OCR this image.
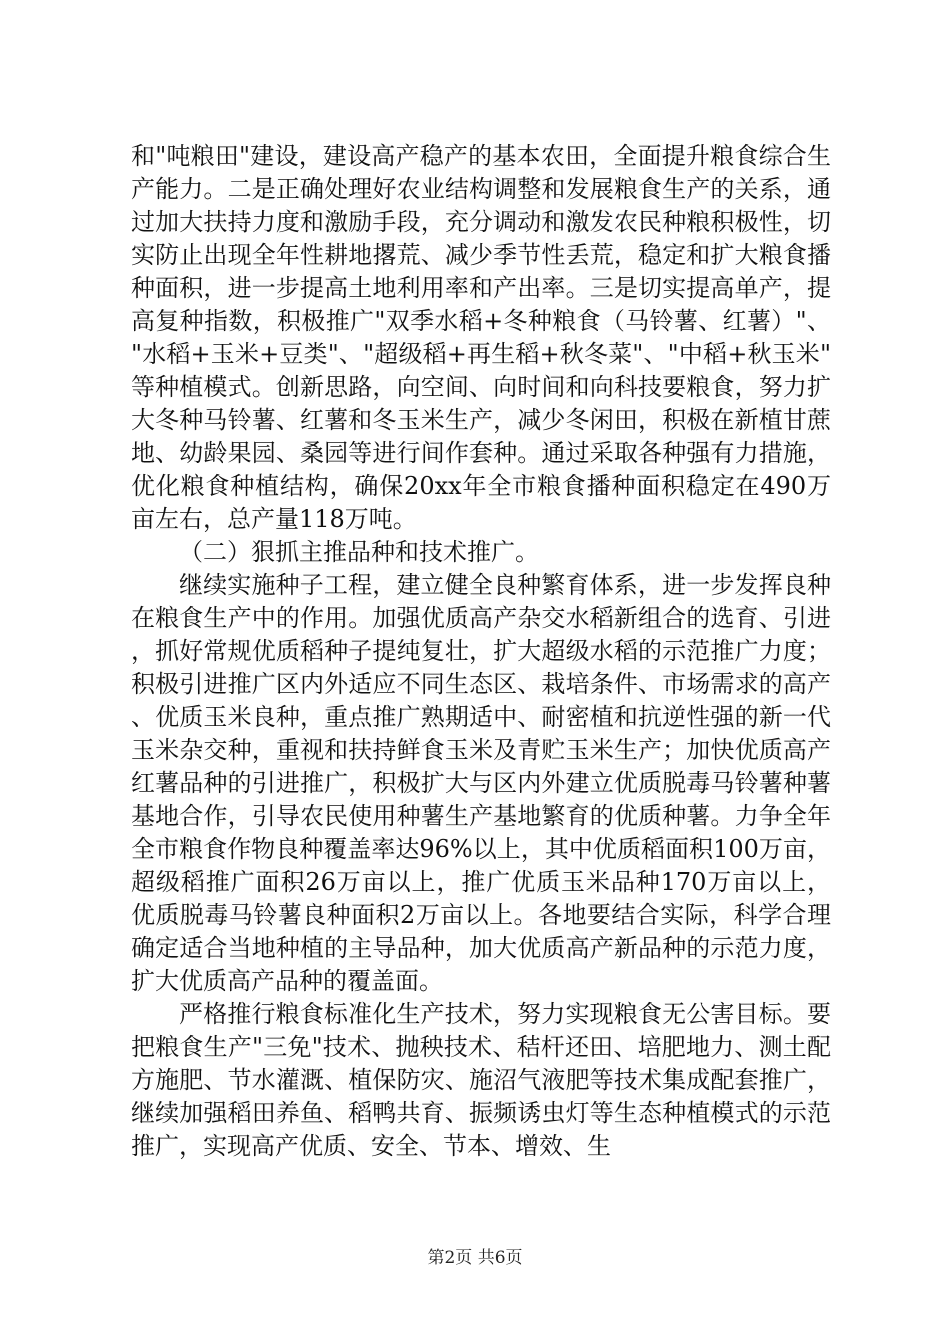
和"吨粮田"建设，建设高产稳产的基本农田，全面提升粮食综合生产能力。二是正确处理好农业结构调整和发展粮食生产的关系，通过加大扶持力度和激励手段，充分调动和激发农民种粮积极性，切实防止出现全年性耕地撂荒、减少季节性丢荒，稳定和扩大粮食播种面积，进一步提高土地利用率和产出率。三是切实提高单产，提高复种指数，积极推广"双季水稻+冬种粮食（马铃薯、红薯）"、"水稻+玉米+豆类"、"超级稻+再生稻+秋冬菜"、"中稻+秋玉米"等种植模式。创新思路，向空间、向时间和向科技要粮食，努力扩大冬种马铃薯、红薯和冬玉米生产，减少冬闲田，积极在新植甘蔗地、幼龄果园、桑园等进行间作套种。通过采取各种强有力措施，优化粮食种植结构，确保20xx年全市粮食播种面积稳定在490万亩左右，总产量118万吨。

（二）狠抓主推品种和技术推广。

继续实施种子工程，建立健全良种繁育体系，进一步发挥良种在粮食生产中的作用。加强优质高产杂交水稻新组合的选育、引进，抓好常规优质稻种子提纯复壮，扩大超级水稻的示范推广力度；积极引进推广区内外适应不同生态区、栽培条件、市场需求的高产、优质玉米良种，重点推广熟期适中、耐密植和抗逆性强的新一代玉米杂交种，重视和扶持鲜食玉米及青贮玉米生产；加快优质高产红薯品种的引进推广，积极扩大与区内外建立优质脱毒马铃薯种薯基地合作，引导农民使用种薯生产基地繁育的优质种薯。力争全年全市粮食作物良种覆盖率达96%以上，其中优质稻面积100万亩，超级稻推广面积26万亩以上，推广优质玉米品种170万亩以上，优质脱毒马铃薯良种面积2万亩以上。各地要结合实际，科学合理确定适合当地种植的主导品种，加大优质高产新品种的示范力度，扩大优质高产品种的覆盖面。

严格推行粮食标准化生产技术，努力实现粮食无公害目标。要把粮食生产"三免"技术、抛秧技术、秸杆还田、培肥地力、测土配方施肥、节水灌溉、植保防灾、施沼气液肥等技术集成配套推广，继续加强稻田养鱼、稻鸭共育、振频诱虫灯等生态种植模式的示范推广，实现高产优质、安全、节本、增效、生

第2页 共6页
